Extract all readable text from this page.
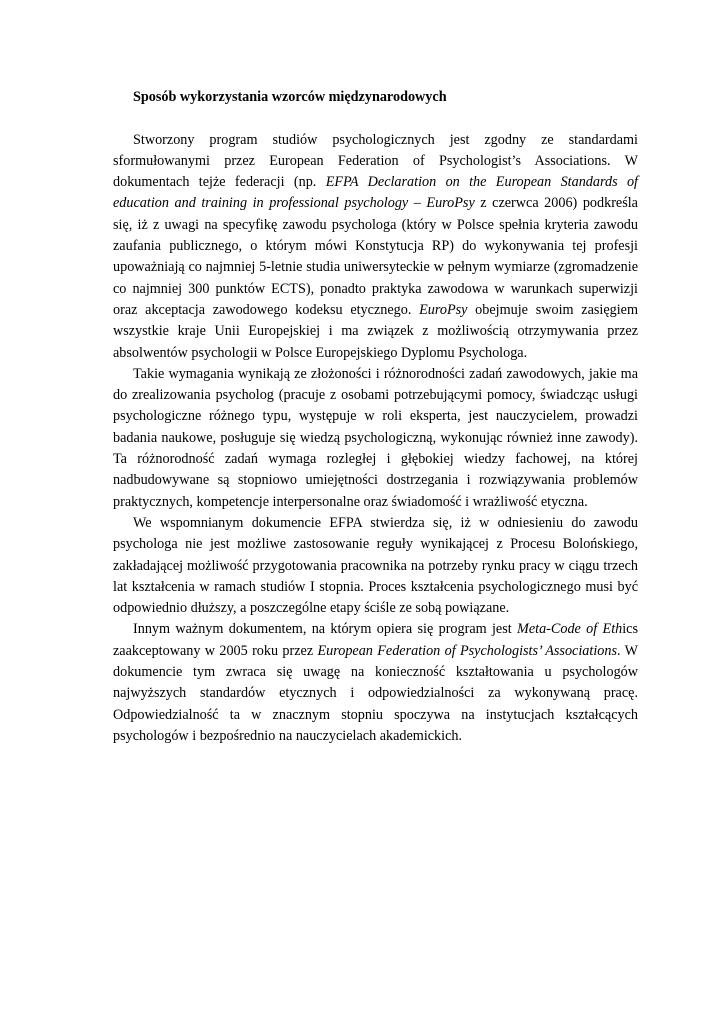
Sposób wykorzystania wzorców międzynarodowych

Stworzony program studiów psychologicznych jest zgodny ze standardami sformułowanymi przez European Federation of Psychologist’s Associations. W dokumentach tejże federacji (np. EFPA Declaration on the European Standards of education and training in professional psychology – EuroPsy z czerwca 2006) podkreśla się, iż z uwagi na specyfikę zawodu psychologa (który w Polsce spełnia kryteria zawodu zaufania publicznego, o którym mówi Konstytucja RP) do wykonywania tej profesji upoważniają co najmniej 5-letnie studia uniwersyteckie w pełnym wymiarze (zgromadzenie co najmniej 300 punktów ECTS), ponadto praktyka zawodowa w warunkach superwizji oraz akceptacja zawodowego kodeksu etycznego. EuroPsy obejmuje swoim zasięgiem wszystkie kraje Unii Europejskiej i ma związek z możliwością otrzymywania przez absolwentów psychologii w Polsce Europejskiego Dyplomu Psychologa.

Takie wymagania wynikają ze złożoności i różnorodności zadań zawodowych, jakie ma do zrealizowania psycholog (pracuje z osobami potrzebującymi pomocy, świadcząc usługi psychologiczne różnego typu, występuje w roli eksperta, jest nauczycielem, prowadzi badania naukowe, posługuje się wiedzą psychologiczną, wykonując również inne zawody). Ta różnorodność zadań wymaga rozległej i głębokiej wiedzy fachowej, na której nadbudowywane są stopniowo umiejętności dostrzegania i rozwiązywania problemów praktycznych, kompetencje interpersonalne oraz świadomość i wrażliwość etyczna.

We wspomnianym dokumencie EFPA stwierdza się, iż w odniesieniu do zawodu psychologa nie jest możliwe zastosowanie reguły wynikającej z Procesu Bolońskiego, zakładającej możliwość przygotowania pracownika na potrzeby rynku pracy w ciągu trzech lat kształcenia w ramach studiów I stopnia. Proces kształcenia psychologicznego musi być odpowiednio dłuższy, a poszczególne etapy ściśle ze sobą powiązane.

Innym ważnym dokumentem, na którym opiera się program jest Meta-Code of Ethics zaakceptowany w 2005 roku przez European Federation of Psychologists’ Associations. W dokumencie tym zwraca się uwagę na konieczność kształtowania u psychologów najwyższych standardów etycznych i odpowiedzialności za wykonywaną pracę. Odpowiedzialność ta w znacznym stopniu spoczywa na instytucjach kształcących psychologów i bezpośrednio na nauczycielach akademickich.
